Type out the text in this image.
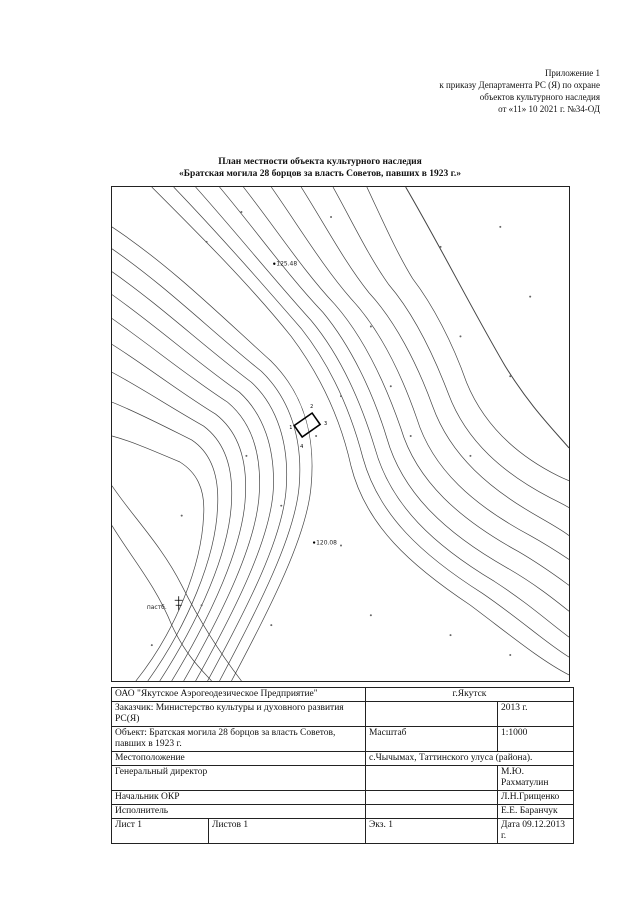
Приложение 1
к приказу Департамента РС (Я) по охране
объектов культурного наследия
от «11» 10 2021 г. №34-ОД
План местности объекта культурного наследия
«Братская могила 28 борцов за власть Советов, павших в 1923 г.»
1
2
3
4
125.48
120.08
пастб.
ОАО "Якутское Аэрогеодезическое Предприятие"		г.Якутск	
Заказчик: Министерство культуры и духовного развития РС(Я)			2013 г.
Объект: Братская могила 28 борцов за власть Советов, павших в 1923 г.		Масштаб	1:1000
Местоположение		с.Чычымах, Таттинского улуса (района).	
Генеральный директор			М.Ю. Рахматулин
Начальник ОКР			Л.Н.Грищенко
Исполнитель			Е.Е. Баранчук
Лист 1	Листов 1	Экз. 1	Дата 09.12.2013 г.
